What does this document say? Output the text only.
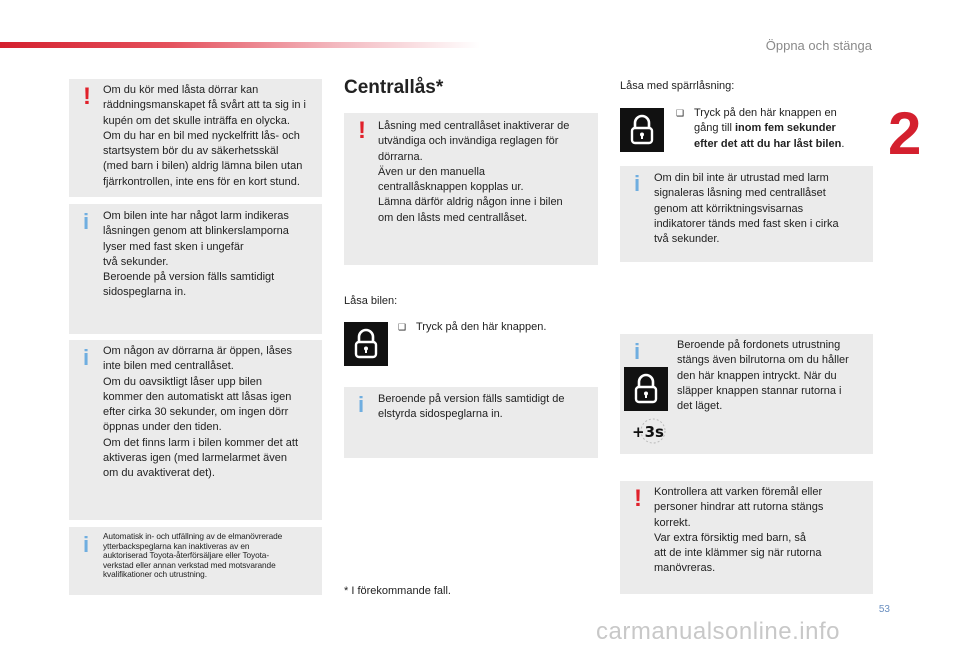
Öppna och stänga
2
! Om du kör med låsta dörrar kan
räddningsmanskapet få svårt att ta sig in i
kupén om det skulle inträffa en olycka.
Om du har en bil med nyckelfritt lås- och
startsystem bör du av säkerhetsskäl
(med barn i bilen) aldrig lämna bilen utan
fjärrkontrollen, inte ens för en kort stund.
i Om bilen inte har något larm indikeras
låsningen genom att blinkerslamporna
lyser med fast sken i ungefär
två sekunder.
Beroende på version fälls samtidigt
sidospeglarna in.
i Om någon av dörrarna är öppen, låses
inte bilen med centrallåset.
Om du oavsiktligt låser upp bilen
kommer den automatiskt att låsas igen
efter cirka 30 sekunder, om ingen dörr
öppnas under den tiden.
Om det finns larm i bilen kommer det att
aktiveras igen (med larmelarmet även
om du avaktiverat det).
i Automatisk in- och utfällning av de elmanövrerade
ytterbackspeglarna kan inaktiveras av en
auktoriserad Toyota-återförsäljare eller Toyota-
verkstad eller annan verkstad med motsvarande
kvalifikationer och utrustning.
Centrallås*
! Låsning med centrallåset inaktiverar de
utvändiga och invändiga reglagen för
dörrarna.
Även ur den manuella
centrallåsknappen kopplas ur.
Lämna därför aldrig någon inne i bilen
om den låsts med centrallåset.
Låsa bilen:
❑ Tryck på den här knappen.
i Beroende på version fälls samtidigt de
elstyrda sidospeglarna in.
* I förekommande fall.
Låsa med spärrlåsning:
❑ Tryck på den här knappen en
gång till inom fem sekunder
efter det att du har låst bilen.
i Om din bil inte är utrustad med larm
signaleras låsning med centrallåset
genom att körriktningsvisarnas
indikatorer tänds med fast sken i cirka
två sekunder.
i	Beroende på fordonets utrustning
stängs även bilrutorna om du håller
den här knappen intryckt. När du
släpper knappen stannar rutorna i
det läget.
+3s
! Kontrollera att varken föremål eller
personer hindrar att rutorna stängs
korrekt.
Var extra försiktig med barn, så
att de inte klämmer sig när rutorna
manövreras.
53
carmanualsonline.info
